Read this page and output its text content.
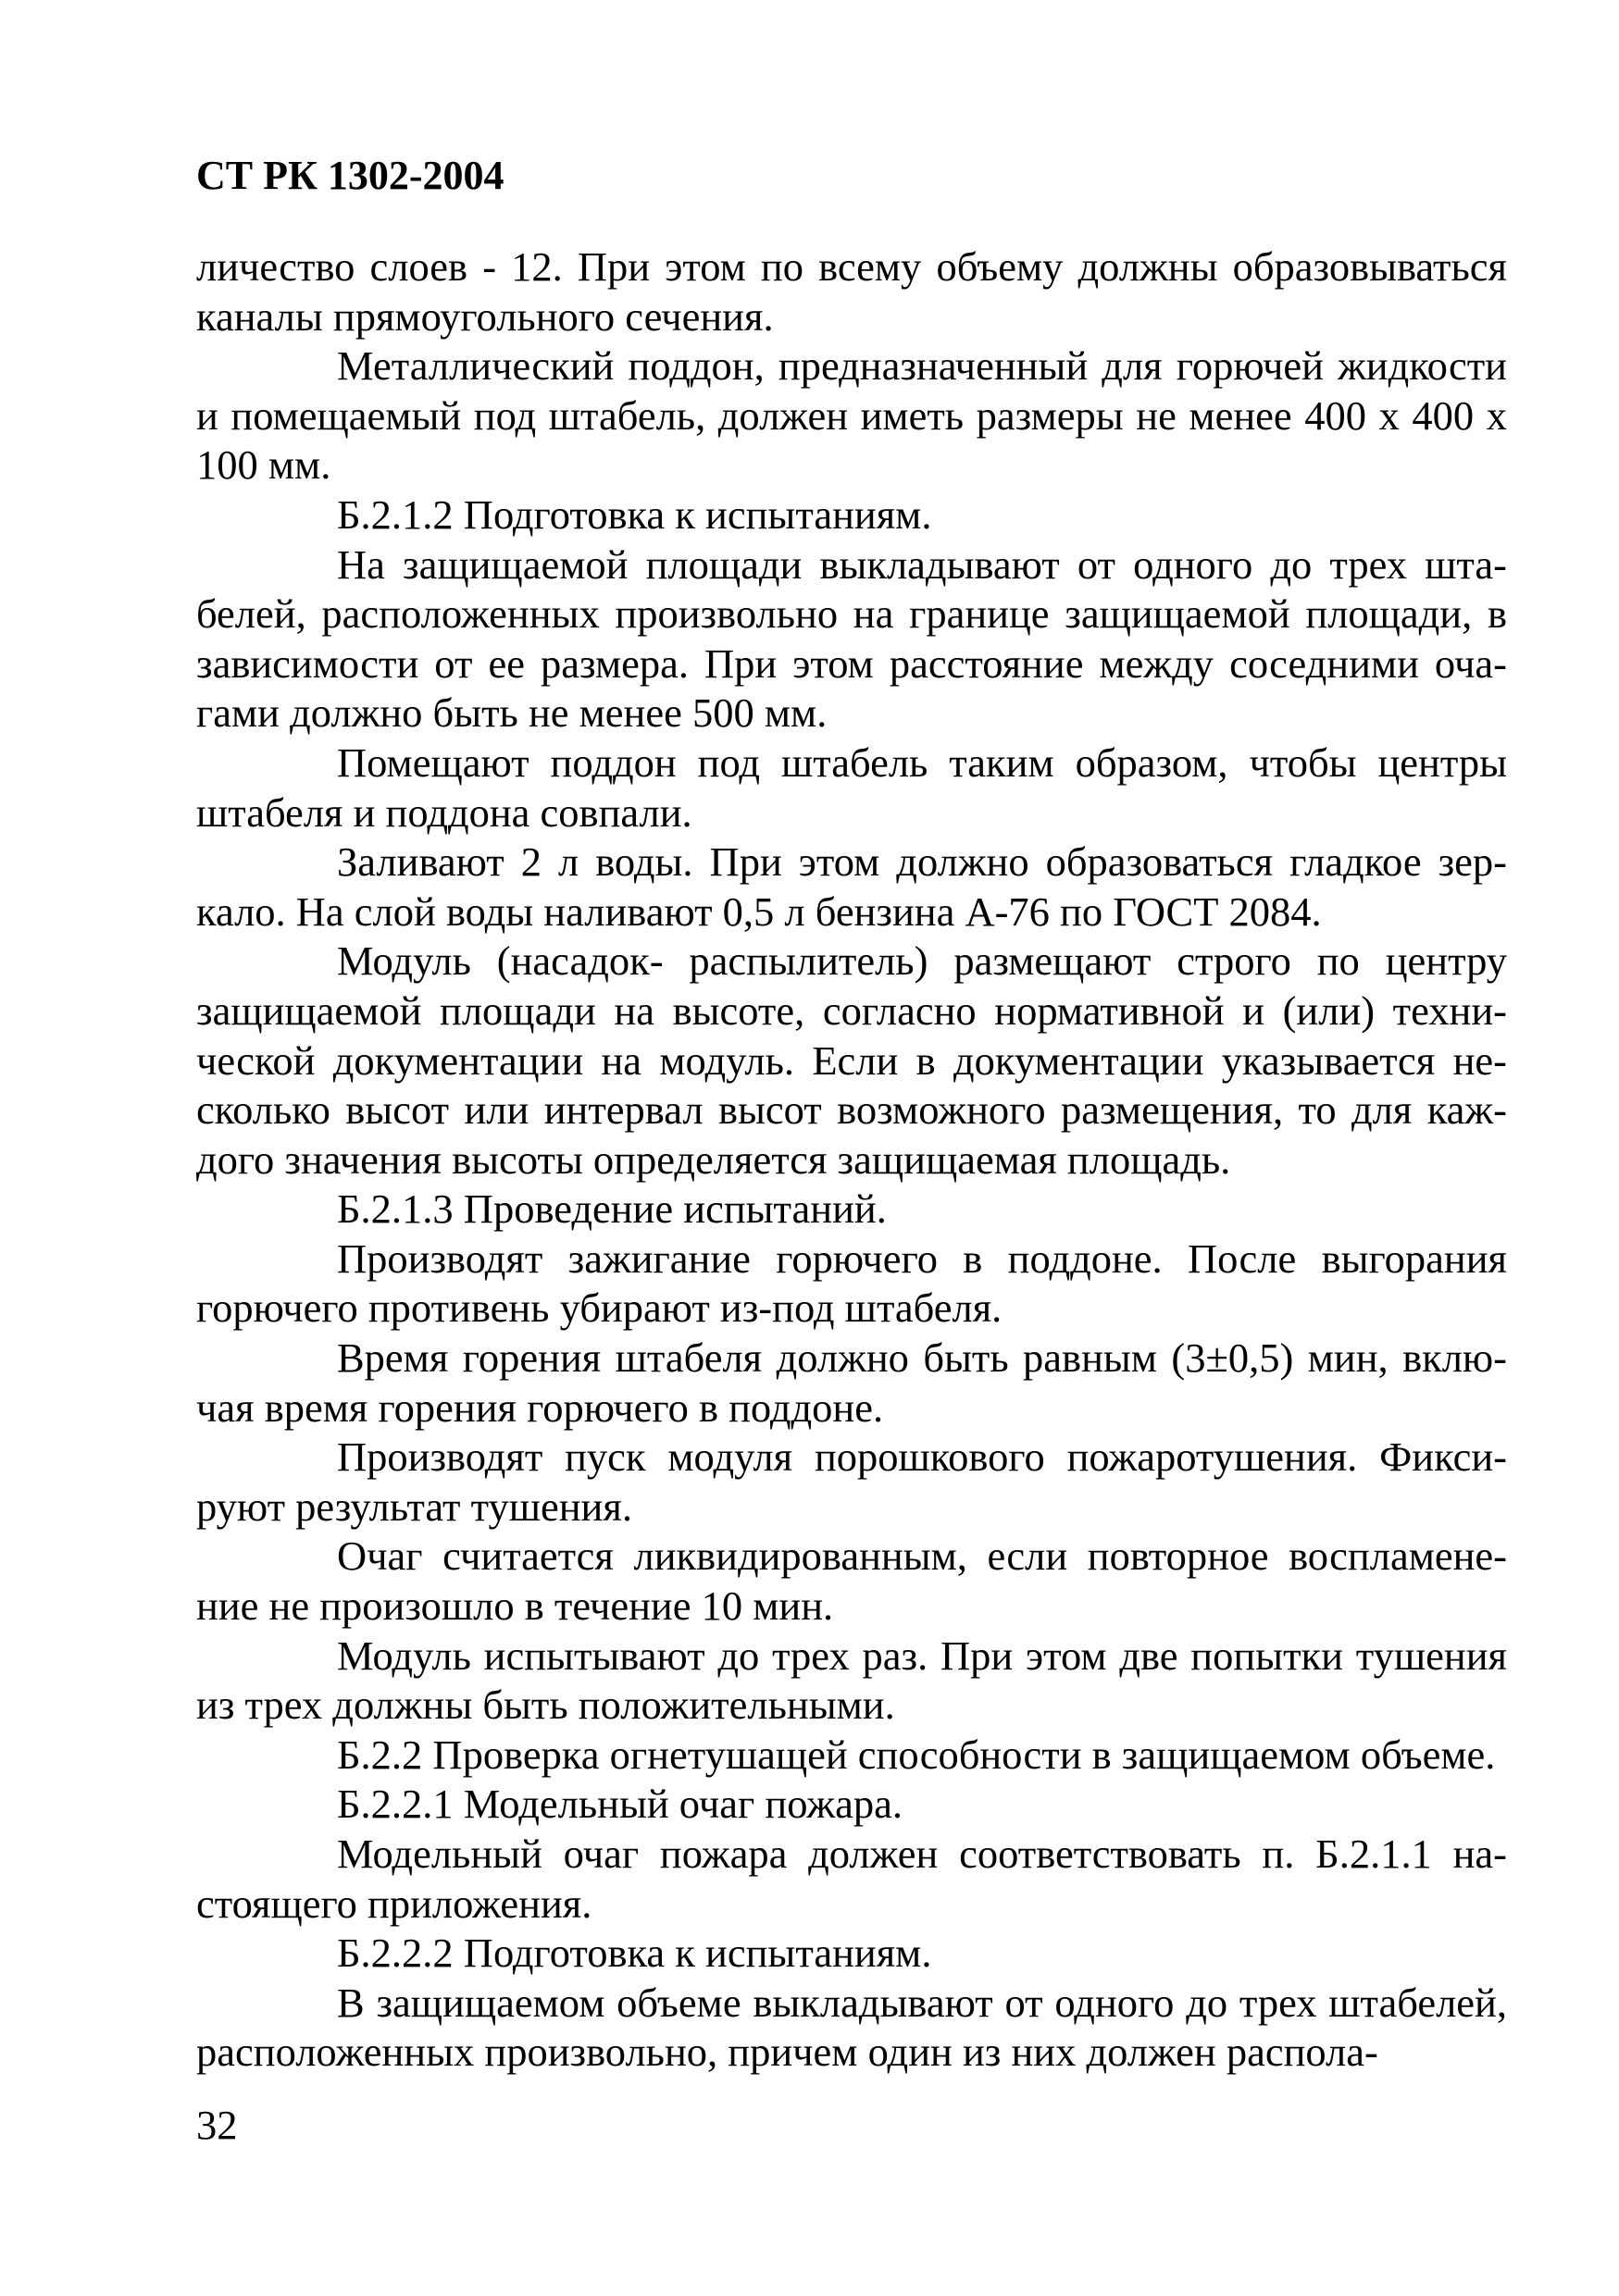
СТ РК 1302-2004

личество слоев - 12. При этом по всему объему должны образовываться каналы прямоугольного сечения.

Металлический поддон, предназначенный для горючей жидкости и помещаемый под штабель, должен иметь размеры не менее 400 х 400 х 100 мм.

Б.2.1.2 Подготовка к испытаниям.

На защищаемой площади выкладывают от одного до трех штабелей, расположенных произвольно на границе защищаемой площади, в зависимости от ее размера. При этом расстояние между соседними очагами должно быть не менее 500 мм.

Помещают поддон под штабель таким образом, чтобы центры штабеля и поддона совпали.

Заливают 2 л воды. При этом должно образоваться гладкое зеркало. На слой воды наливают 0,5 л бензина А-76 по ГОСТ 2084.

Модуль (насадок- распылитель) размещают строго по центру защищаемой площади на высоте, согласно нормативной и (или) технической документации на модуль. Если в документации указывается несколько высот или интервал высот возможного размещения, то для каждого значения высоты определяется защищаемая площадь.

Б.2.1.3 Проведение испытаний.

Производят зажигание горючего в поддоне. После выгорания горючего противень убирают из-под штабеля.

Время горения штабеля должно быть равным (3±0,5) мин, включая время горения горючего в поддоне.

Производят пуск модуля порошкового пожаротушения. Фиксируют результат тушения.

Очаг считается ликвидированным, если повторное воспламенение не произошло в течение 10 мин.

Модуль испытывают до трех раз. При этом две попытки тушения из трех должны быть положительными.

Б.2.2 Проверка огнетушащей способности в защищаемом объеме.

Б.2.2.1 Модельный очаг пожара.

Модельный очаг пожара должен соответствовать п. Б.2.1.1 настоящего приложения.

Б.2.2.2 Подготовка к испытаниям.

В защищаемом объеме выкладывают от одного до трех штабелей, расположенных произвольно, причем один из них должен распола-

32
